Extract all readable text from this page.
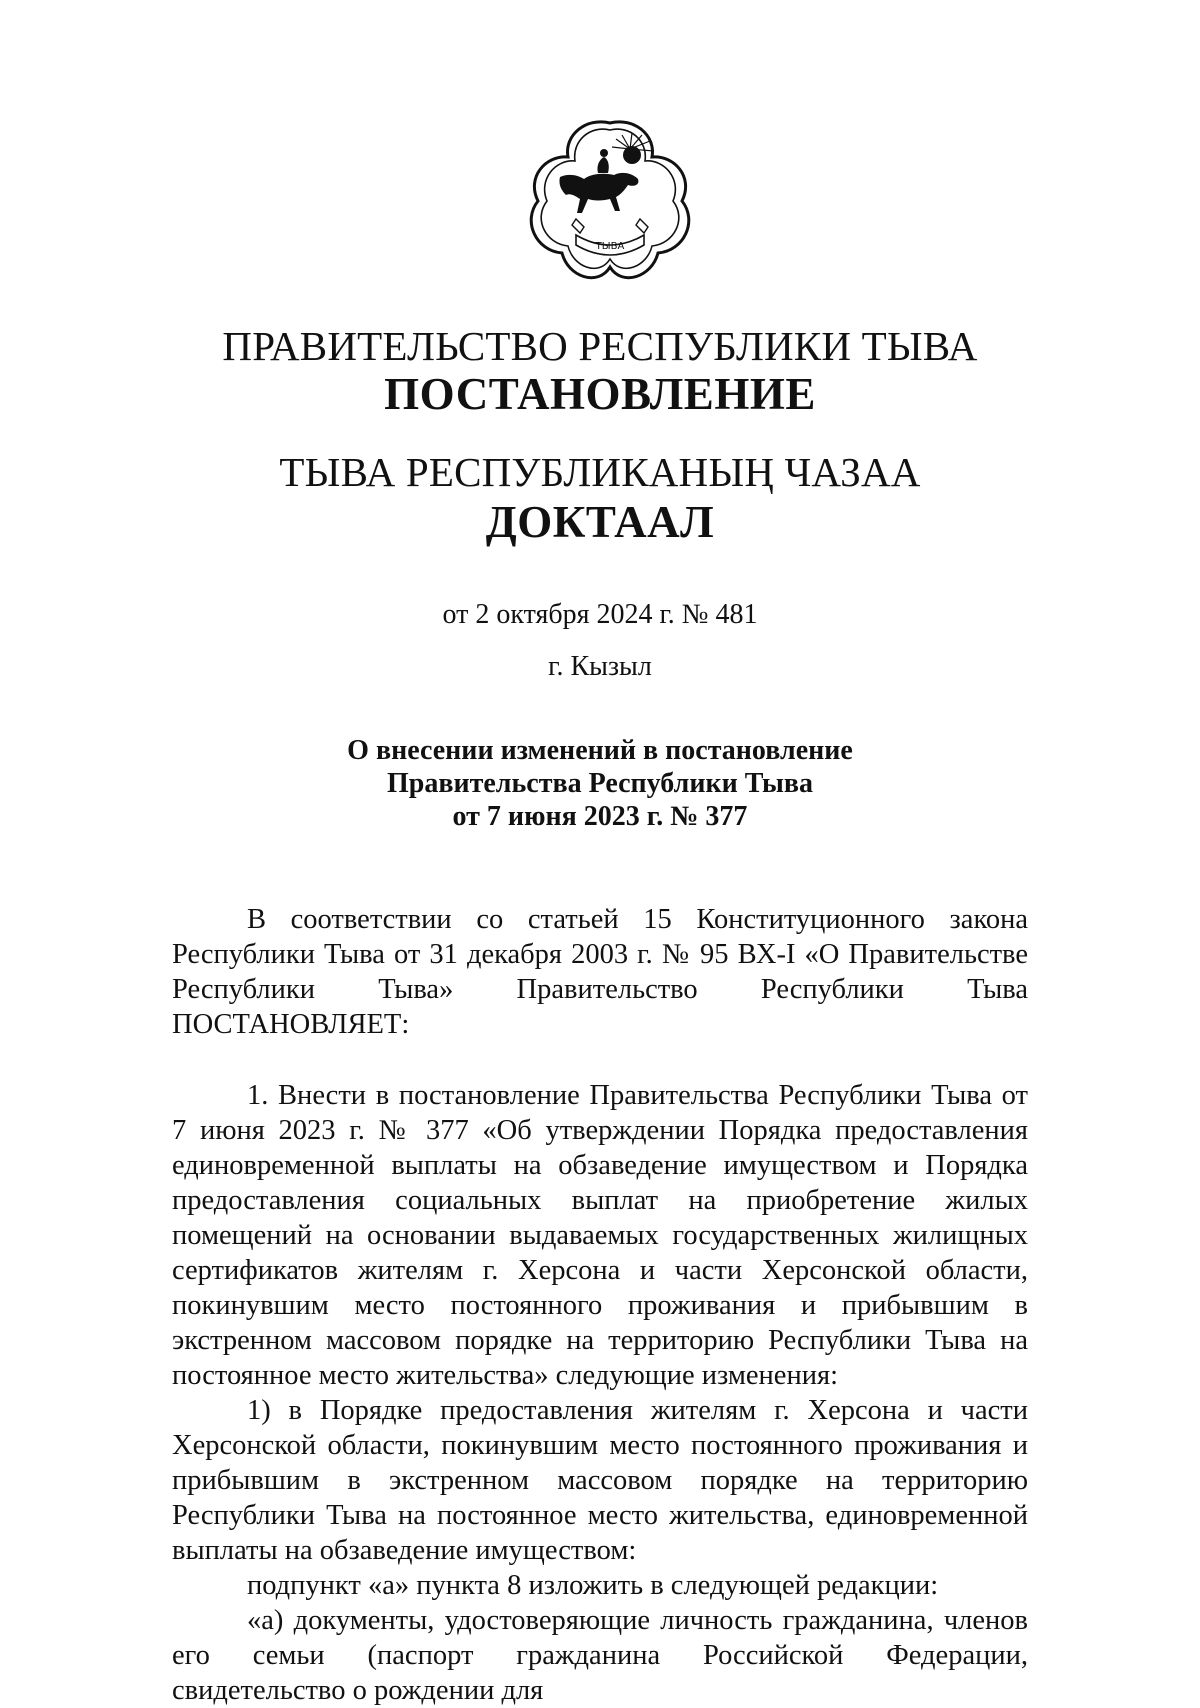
ТЫВА
ПРАВИТЕЛЬСТВО РЕСПУБЛИКИ ТЫВА
ПОСТАНОВЛЕНИЕ
ТЫВА РЕСПУБЛИКАНЫҢ ЧАЗАА
ДОКТААЛ
от 2 октября 2024 г. № 481
г. Кызыл
О внесении изменений в постановление
Правительства Республики Тыва
от 7 июня 2023 г. № 377

В соответствии со статьей 15 Конституционного закона Республики Тыва от 31 декабря 2003 г. № 95 ВХ-I «О Правительстве Республики Тыва» Правительство Республики Тыва ПОСТАНОВЛЯЕТ:

1. Внести в постановление Правительства Республики Тыва от 7 июня 2023 г. № 377 «Об утверждении Порядка предоставления единовременной выплаты на обзаведение имуществом и Порядка предоставления социальных выплат на приобретение жилых помещений на основании выдаваемых государственных жилищных сертификатов жителям г. Херсона и части Херсонской области, покинувшим место постоянного проживания и прибывшим в экстренном массовом порядке на территорию Республики Тыва на постоянное место жительства» следующие изменения:

1) в Порядке предоставления жителям г. Херсона и части Херсонской области, покинувшим место постоянного проживания и прибывшим в экстренном массовом порядке на территорию Республики Тыва на постоянное место жительства, единовременной выплаты на обзаведение имуществом:

подпункт «а» пункта 8 изложить в следующей редакции:

«а) документы, удостоверяющие личность гражданина, членов его семьи (паспорт гражданина Российской Федерации, свидетельство о рождении для
